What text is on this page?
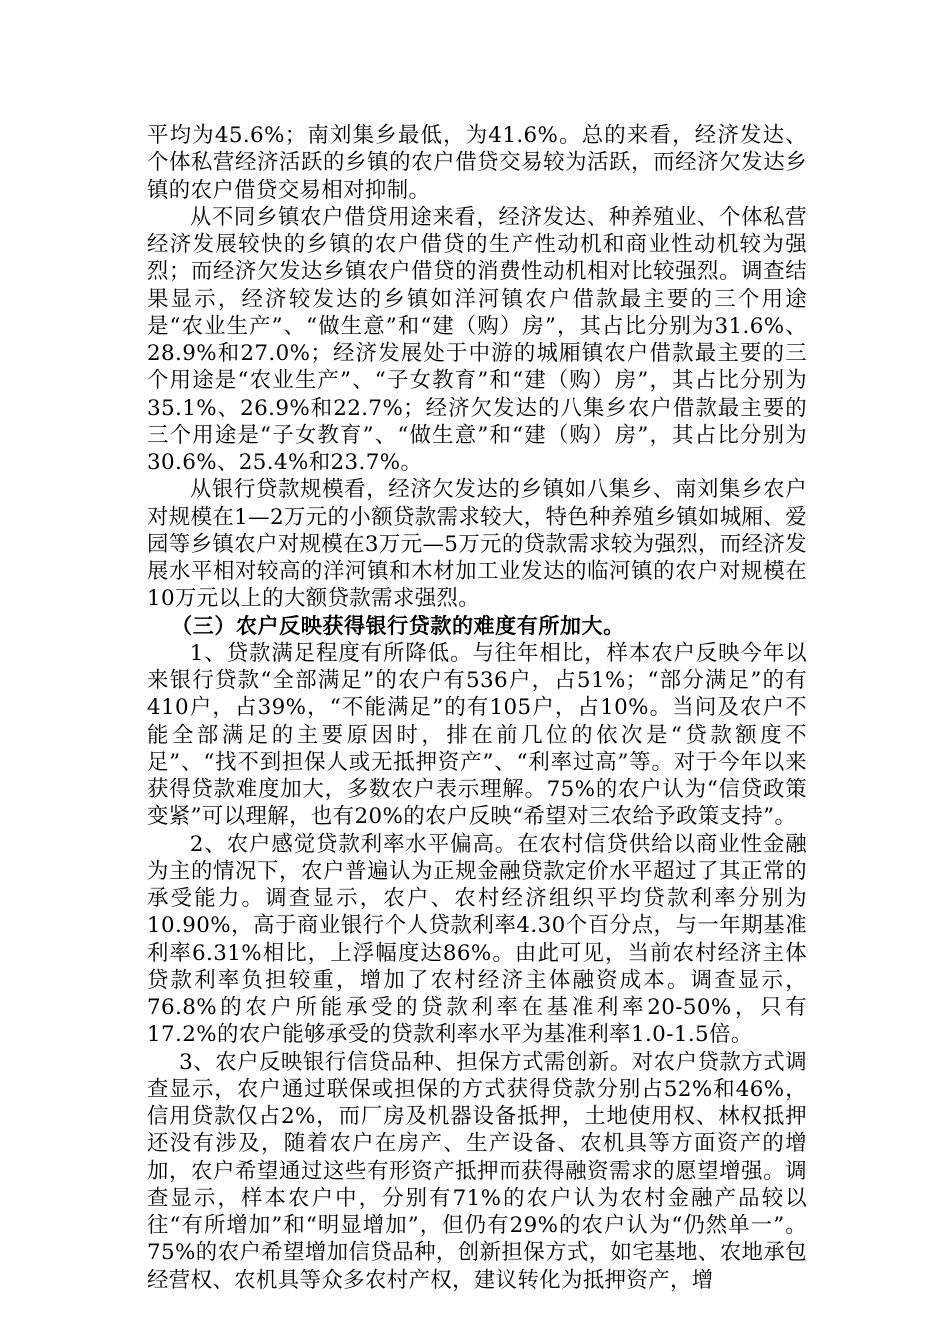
平均为45.6%；南刘集乡最低，为41.6%。总的来看，经济发达、个体私营经济活跃的乡镇的农户借贷交易较为活跃，而经济欠发达乡镇的农户借贷交易相对抑制。

从不同乡镇农户借贷用途来看，经济发达、种养殖业、个体私营经济发展较快的乡镇的农户借贷的生产性动机和商业性动机较为强烈；而经济欠发达乡镇农户借贷的消费性动机相对比较强烈。调查结果显示，经济较发达的乡镇如洋河镇农户借款最主要的三个用途是“农业生产”、“做生意”和“建（购）房”，其占比分别为31.6%、28.9%和27.0%；经济发展处于中游的城厢镇农户借款最主要的三个用途是“农业生产”、“子女教育”和“建（购）房”，其占比分别为35.1%、26.9%和22.7%；经济欠发达的八集乡农户借款最主要的三个用途是“子女教育”、“做生意”和“建（购）房”，其占比分别为30.6%、25.4%和23.7%。

从银行贷款规模看，经济欠发达的乡镇如八集乡、南刘集乡农户对规模在1—2万元的小额贷款需求较大，特色种养殖乡镇如城厢、爱园等乡镇农户对规模在3万元—5万元的贷款需求较为强烈，而经济发展水平相对较高的洋河镇和木材加工业发达的临河镇的农户对规模在10万元以上的大额贷款需求强烈。

（三）农户反映获得银行贷款的难度有所加大。

1、贷款满足程度有所降低。与往年相比，样本农户反映今年以来银行贷款“全部满足”的农户有536户，占51%；“部分满足”的有410户，占39%，“不能满足”的有105户，占10%。当问及农户不能全部满足的主要原因时，排在前几位的依次是“贷款额度不足”、“找不到担保人或无抵押资产”、“利率过高”等。对于今年以来获得贷款难度加大，多数农户表示理解。75%的农户认为“信贷政策变紧”可以理解，也有20%的农户反映“希望对三农给予政策支持”。

2、农户感觉贷款利率水平偏高。在农村信贷供给以商业性金融为主的情况下，农户普遍认为正规金融贷款定价水平超过了其正常的承受能力。调查显示，农户、农村经济组织平均贷款利率分别为10.90%，高于商业银行个人贷款利率4.30个百分点，与一年期基准利率6.31%相比，上浮幅度达86%。由此可见，当前农村经济主体贷款利率负担较重，增加了农村经济主体融资成本。调查显示，76.8%的农户所能承受的贷款利率在基准利率20-50%，只有17.2%的农户能够承受的贷款利率水平为基准利率1.0-1.5倍。

3、农户反映银行信贷品种、担保方式需创新。对农户贷款方式调查显示，农户通过联保或担保的方式获得贷款分别占52%和46%，信用贷款仅占2%，而厂房及机器设备抵押，土地使用权、林权抵押还没有涉及，随着农户在房产、生产设备、农机具等方面资产的增加，农户希望通过这些有形资产抵押而获得融资需求的愿望增强。调查显示，样本农户中，分别有71%的农户认为农村金融产品较以往“有所增加”和“明显增加”，但仍有29%的农户认为“仍然单一”。75%的农户希望增加信贷品种，创新担保方式，如宅基地、农地承包经营权、农机具等众多农村产权，建议转化为抵押资产，增
